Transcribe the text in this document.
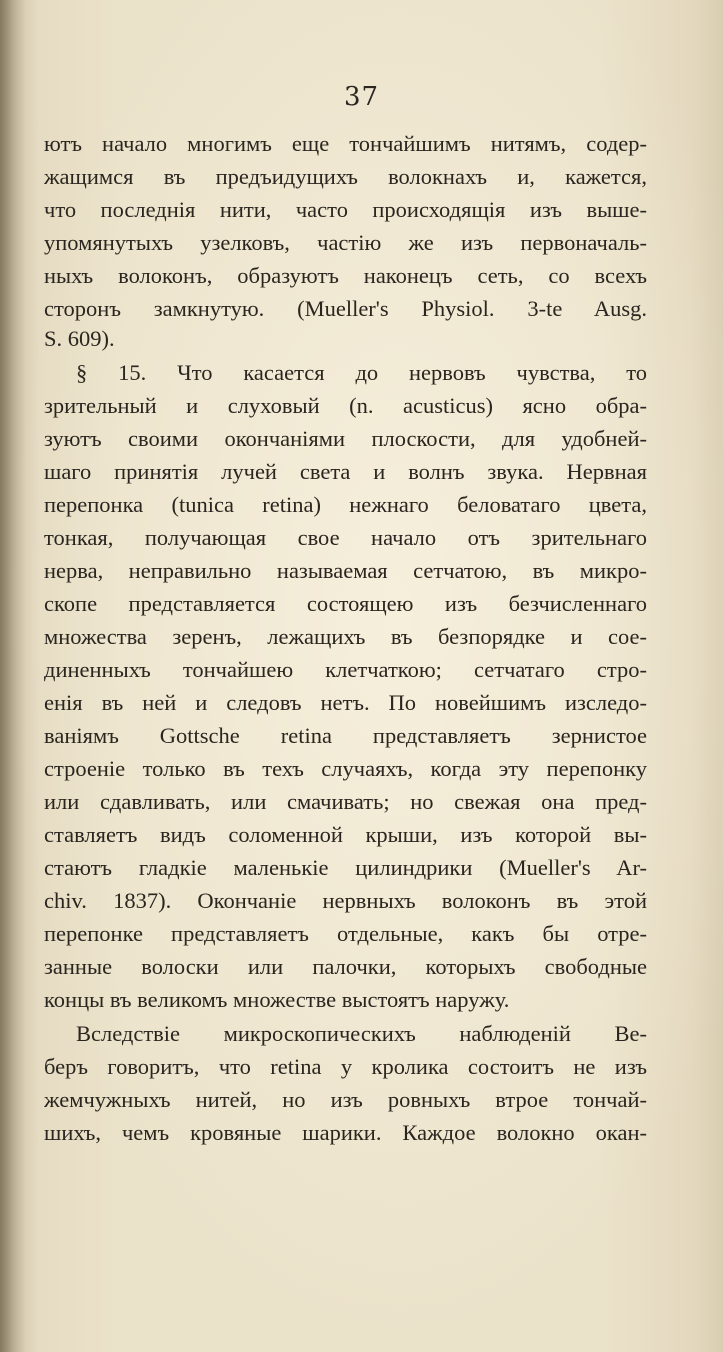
37
ютъ начало многимъ еще тончайшимъ нитямъ, содер-
жащимся въ предъидущихъ волокнахъ и, кажется,
что последнія нити, часто происходящія изъ выше-
упомянутыхъ узелковъ, частію же изъ первоначаль-
ныхъ волоконъ, образуютъ наконецъ сеть, со всехъ
сторонъ замкнутую. (Mueller's Physiol. 3-te Ausg.
S. 609).
§ 15. Что касается до нервовъ чувства, то
зрительный и слуховый (n. acusticus) ясно обра-
зуютъ своими окончаніями плоскости, для удобней-
шаго принятія лучей света и волнъ звука. Нервная
перепонка (tunica retina) нежнаго беловатаго цвета,
тонкая, получающая свое начало отъ зрительнаго
нерва, неправильно называемая сетчатою, въ микро-
скопе представляется состоящею изъ безчисленнаго
множества зеренъ, лежащихъ въ безпорядке и сое-
диненныхъ тончайшею клетчаткою; сетчатаго стро-
енія въ ней и следовъ нетъ. По новейшимъ изследо-
ваніямъ Gottsche retina представляетъ зернистое
строеніе только въ техъ случаяхъ, когда эту перепонку
или сдавливать, или смачивать; но свежая она пред-
ставляетъ видъ соломенной крыши, изъ которой вы-
стаютъ гладкіе маленькіе цилиндрики (Mueller's Ar-
chiv. 1837). Окончаніе нервныхъ волоконъ въ этой
перепонке представляетъ отдельные, какъ бы отре-
занные волоски или палочки, которыхъ свободные
концы въ великомъ множестве выстоятъ наружу.
Вследствіе микроскопическихъ наблюденій Ве-
беръ говоритъ, что retina у кролика состоитъ не изъ
жемчужныхъ нитей, но изъ ровныхъ втрое тончай-
шихъ, чемъ кровяные шарики. Каждое волокно окан-
